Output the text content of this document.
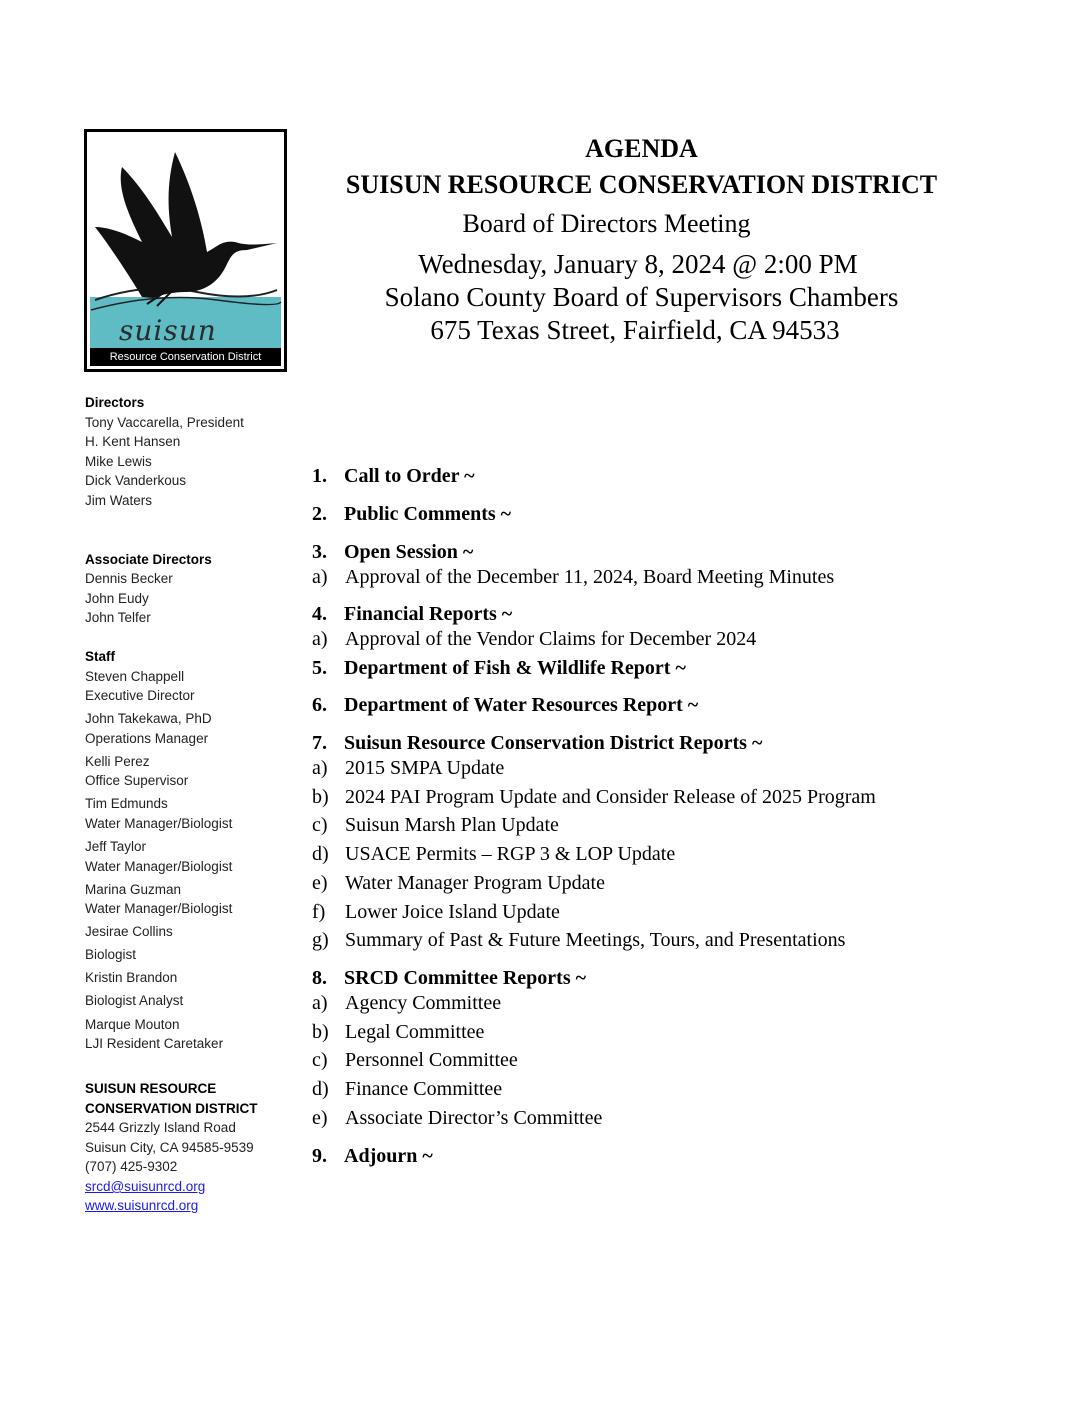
suisun
Resource Conservation District
AGENDA
SUISUN RESOURCE CONSERVATION DISTRICT
Board of Directors Meeting
Wednesday, January 8, 2024 @ 2:00 PM
Solano County Board of Supervisors Chambers
675 Texas Street, Fairfield, CA 94533
Directors
Tony Vaccarella, President
H. Kent Hansen
Mike Lewis
Dick Vanderkous
Jim Waters
Associate Directors
Dennis Becker
John Eudy
John Telfer
Staff
Steven Chappell
Executive Director
John Takekawa, PhD
Operations Manager
Kelli Perez
Office Supervisor
Tim Edmunds
Water Manager/Biologist
Jeff Taylor
Water Manager/Biologist
Marina Guzman
Water Manager/Biologist
Jesirae Collins
Biologist
Kristin Brandon
Biologist Analyst
Marque Mouton
LJI Resident Caretaker
SUISUN RESOURCE
CONSERVATION DISTRICT
2544 Grizzly Island Road
Suisun City, CA 94585-9539
(707) 425-9302
srcd@suisunrcd.org
www.suisunrcd.org
1. Call to Order ~
2. Public Comments ~
3. Open Session ~
a) Approval of the December 11, 2024, Board Meeting Minutes
4. Financial Reports ~
a) Approval of the Vendor Claims for December 2024
5. Department of Fish & Wildlife Report ~
6. Department of Water Resources Report ~
7. Suisun Resource Conservation District Reports ~
a) 2015 SMPA Update
b) 2024 PAI Program Update and Consider Release of 2025 Program
c) Suisun Marsh Plan Update
d) USACE Permits – RGP 3 & LOP Update
e) Water Manager Program Update
f) Lower Joice Island Update
g) Summary of Past & Future Meetings, Tours, and Presentations
8. SRCD Committee Reports ~
a) Agency Committee
b) Legal Committee
c) Personnel Committee
d) Finance Committee
e) Associate Director’s Committee
9. Adjourn ~
